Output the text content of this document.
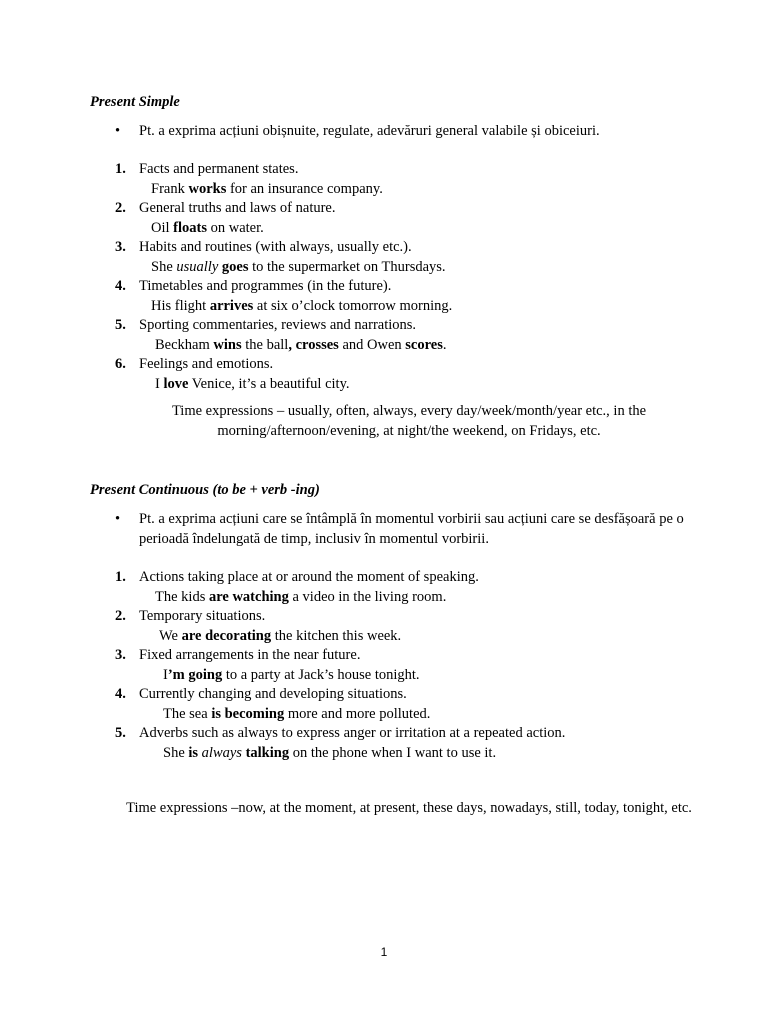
Present Simple
• Pt. a exprima acțiuni obișnuite, regulate, adevăruri general valabile și obiceiuri.
1. Facts and permanent states.
Frank works for an insurance company.
2. General truths and laws of nature.
Oil floats on water.
3. Habits and routines (with always, usually etc.).
She usually goes to the supermarket on Thursdays.
4. Timetables and programmes (in the future).
His flight arrives at six o’clock tomorrow morning.
5. Sporting commentaries, reviews and narrations.
Beckham wins the ball, crosses and Owen scores.
6. Feelings and emotions.
I love Venice, it’s a beautiful city.
Time expressions – usually, often, always, every day/week/month/year etc., in the morning/afternoon/evening, at night/the weekend, on Fridays, etc.
Present Continuous (to be + verb -ing)
• Pt. a exprima acțiuni care se întâmplă în momentul vorbirii sau acțiuni care se desfășoară pe o perioadă îndelungată de timp, inclusiv în momentul vorbirii.
1. Actions taking place at or around the moment of speaking.
The kids are watching a video in the living room.
2. Temporary situations.
We are decorating the kitchen this week.
3. Fixed arrangements in the near future.
I’m going to a party at Jack’s house tonight.
4. Currently changing and developing situations.
The sea is becoming more and more polluted.
5. Adverbs such as always to express anger or irritation at a repeated action.
She is always talking on the phone when I want to use it.
Time expressions –now, at the moment, at present, these days, nowadays, still, today, tonight, etc.
1
